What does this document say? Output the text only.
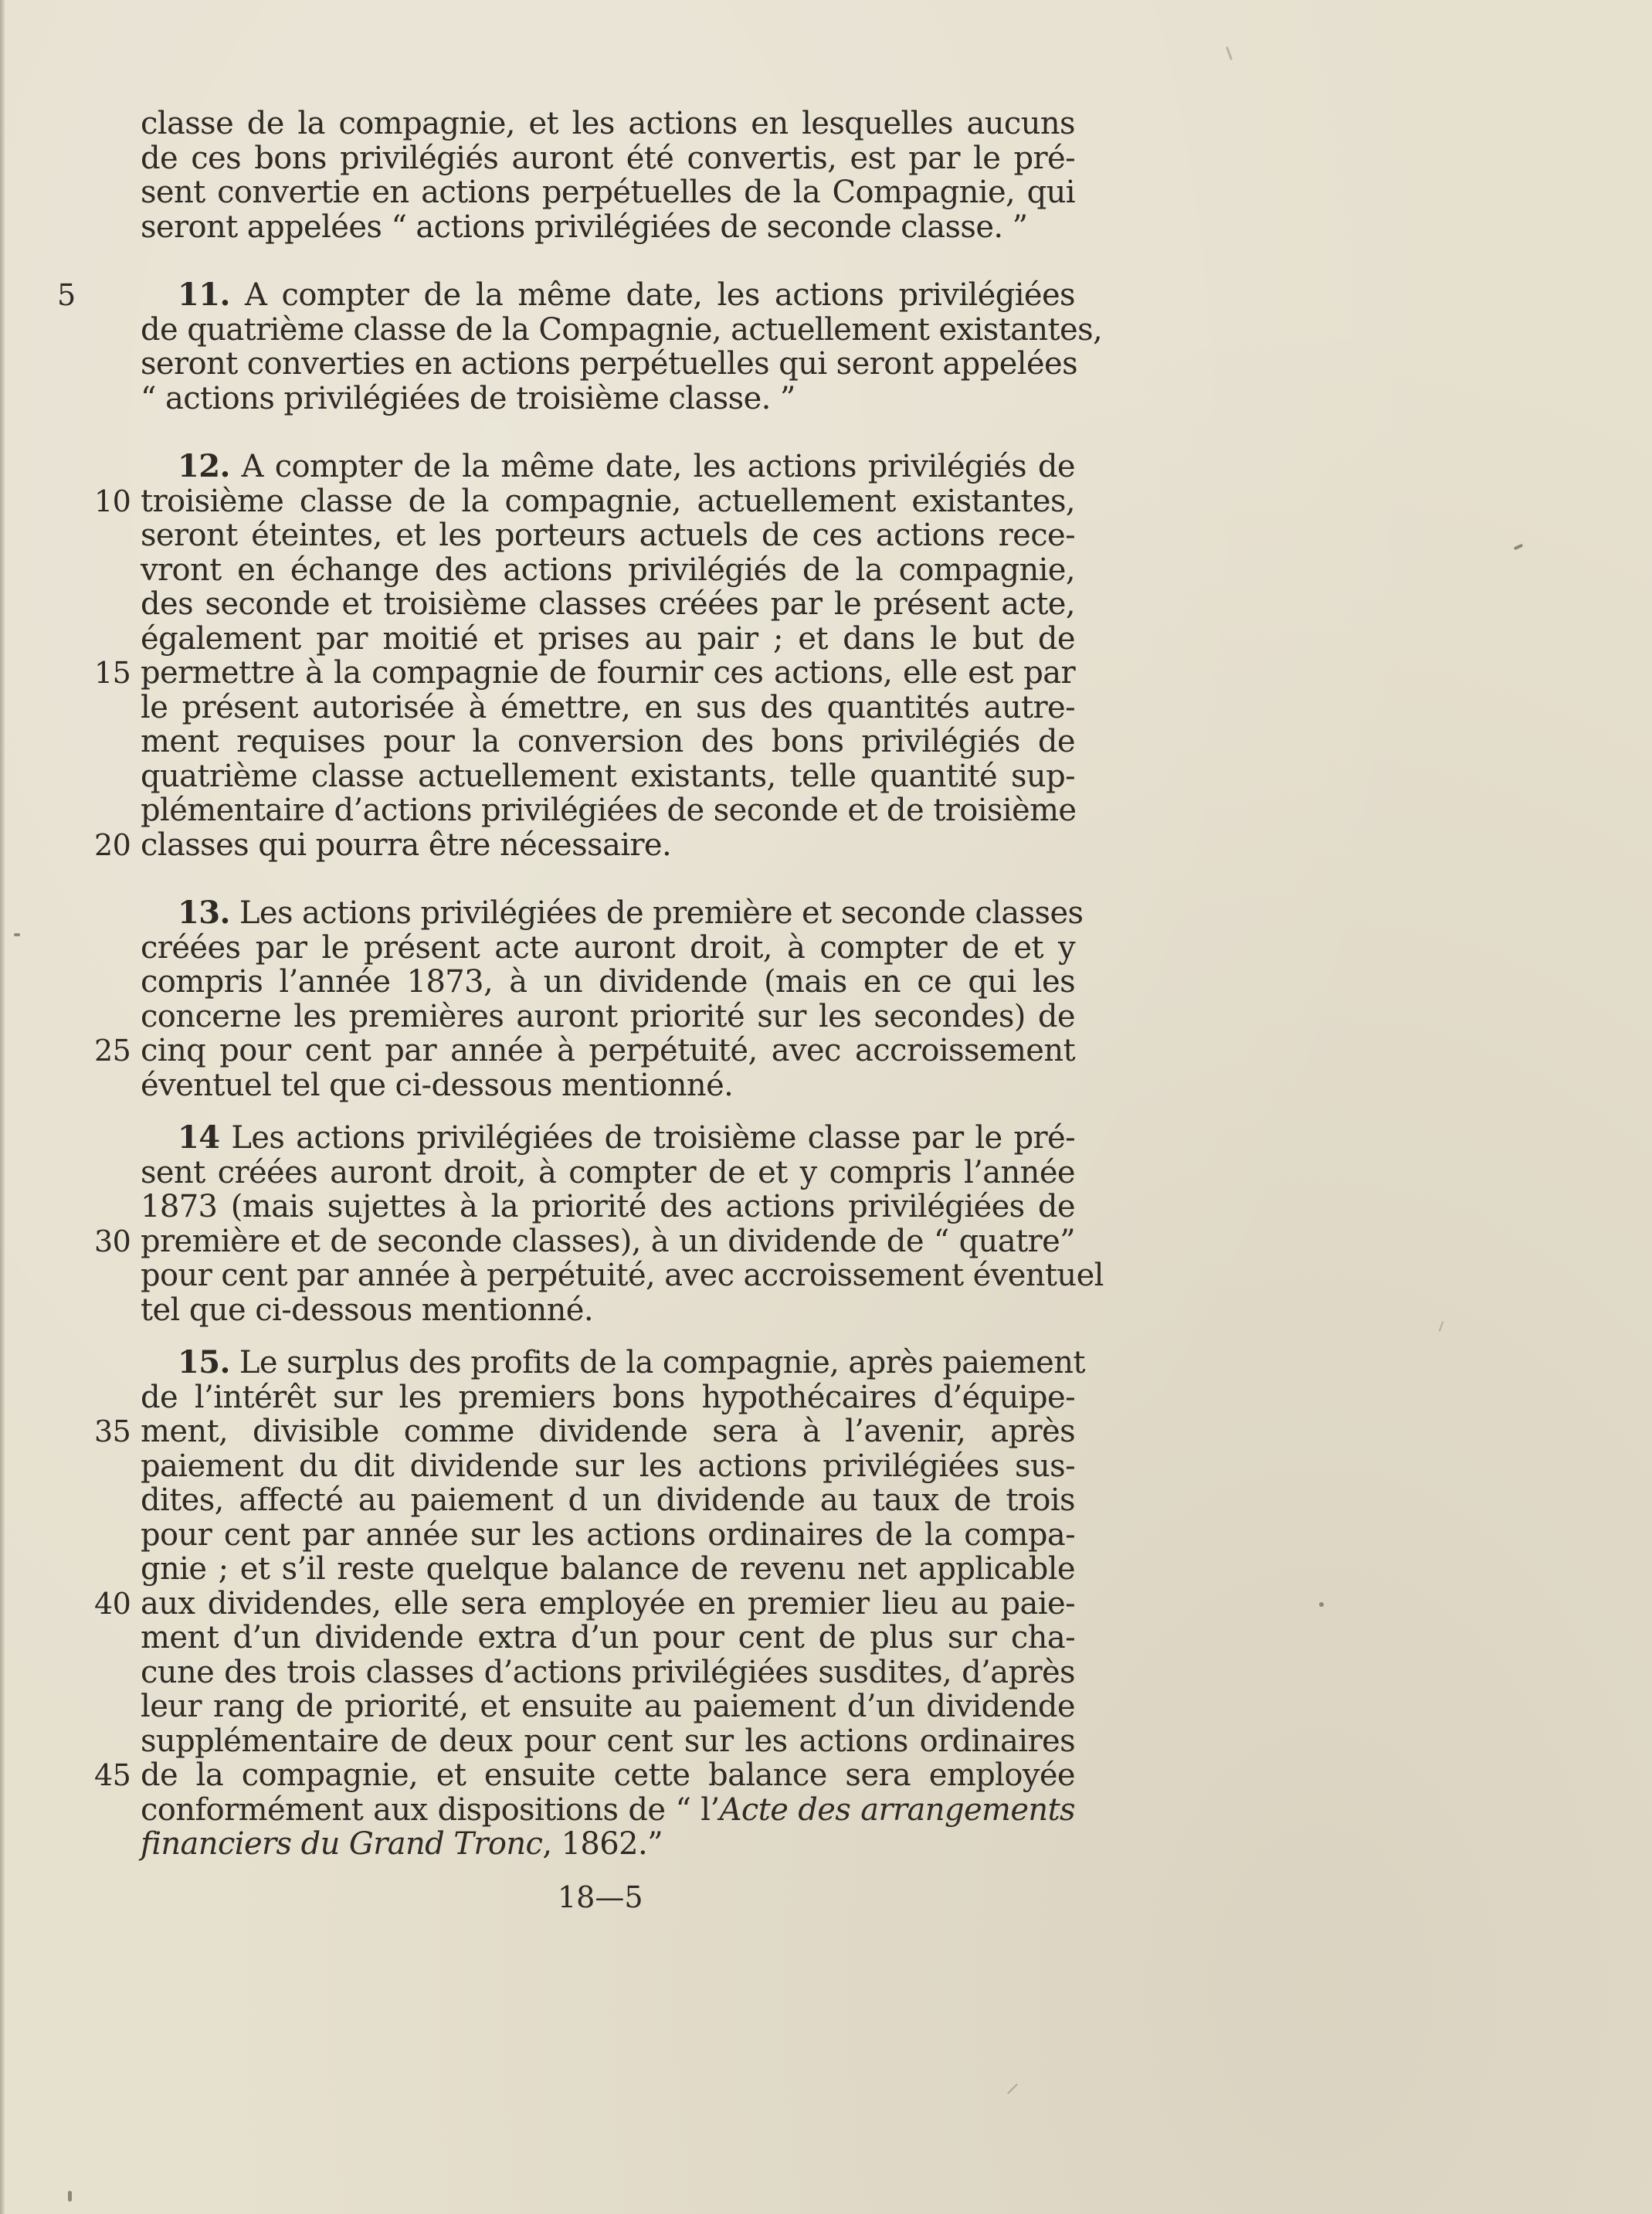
classe de la compagnie, et les actions en lesquelles aucuns
de ces bons privilégiés auront été convertis, est par le pré-
sent convertie en actions perpétuelles de la Compagnie, qui
seront appelées “ actions privilégiées de seconde classe. ”
5	11. A compter de la même date, les actions privilégiées
de quatrième classe de la Compagnie, actuellement existantes,
seront converties en actions perpétuelles qui seront appelées
“ actions privilégiées de troisième classe. ”
12. A compter de la même date, les actions privilégiés de
10 troisième classe de la compagnie, actuellement existantes,
seront éteintes, et les porteurs actuels de ces actions rece-
vront en échange des actions privilégiés de la compagnie,
des seconde et troisième classes créées par le présent acte,
également par moitié et prises au pair ; et dans le but de
15 permettre à la compagnie de fournir ces actions, elle est par
le présent autorisée à émettre, en sus des quantités autre-
ment requises pour la conversion des bons privilégiés de
quatrième classe actuellement existants, telle quantité sup-
plémentaire d’actions privilégiées de seconde et de troisième
20 classes qui pourra être nécessaire.
13. Les actions privilégiées de première et seconde classes
créées par le présent acte auront droit, à compter de et y
compris l’année 1873, à un dividende (mais en ce qui les
concerne les premières auront priorité sur les secondes) de
25 cinq pour cent par année à perpétuité, avec accroissement
éventuel tel que ci-dessous mentionné.
14 Les actions privilégiées de troisième classe par le pré-
sent créées auront droit, à compter de et y compris l’année
1873 (mais sujettes à la priorité des actions privilégiées de
30 première et de seconde classes), à un dividende de “ quatre”
pour cent par année à perpétuité, avec accroissement éventuel
tel que ci-dessous mentionné.
15. Le surplus des profits de la compagnie, après paiement
de l’intérêt sur les premiers bons hypothécaires d’équipe-
35 ment, divisible comme dividende sera à l’avenir, après
paiement du dit dividende sur les actions privilégiées sus-
dites, affecté au paiement d un dividende au taux de trois
pour cent par année sur les actions ordinaires de la compa-
gnie ; et s’il reste quelque balance de revenu net applicable
40 aux dividendes, elle sera employée en premier lieu au paie-
ment d’un dividende extra d’un pour cent de plus sur cha-
cune des trois classes d’actions privilégiées susdites, d’après
leur rang de priorité, et ensuite au paiement d’un dividende
supplémentaire de deux pour cent sur les actions ordinaires
45 de la compagnie, et ensuite cette balance sera employée
conformément aux dispositions de “ l’Acte des arrangements
financiers du Grand Tronc, 1862.”
18—5
